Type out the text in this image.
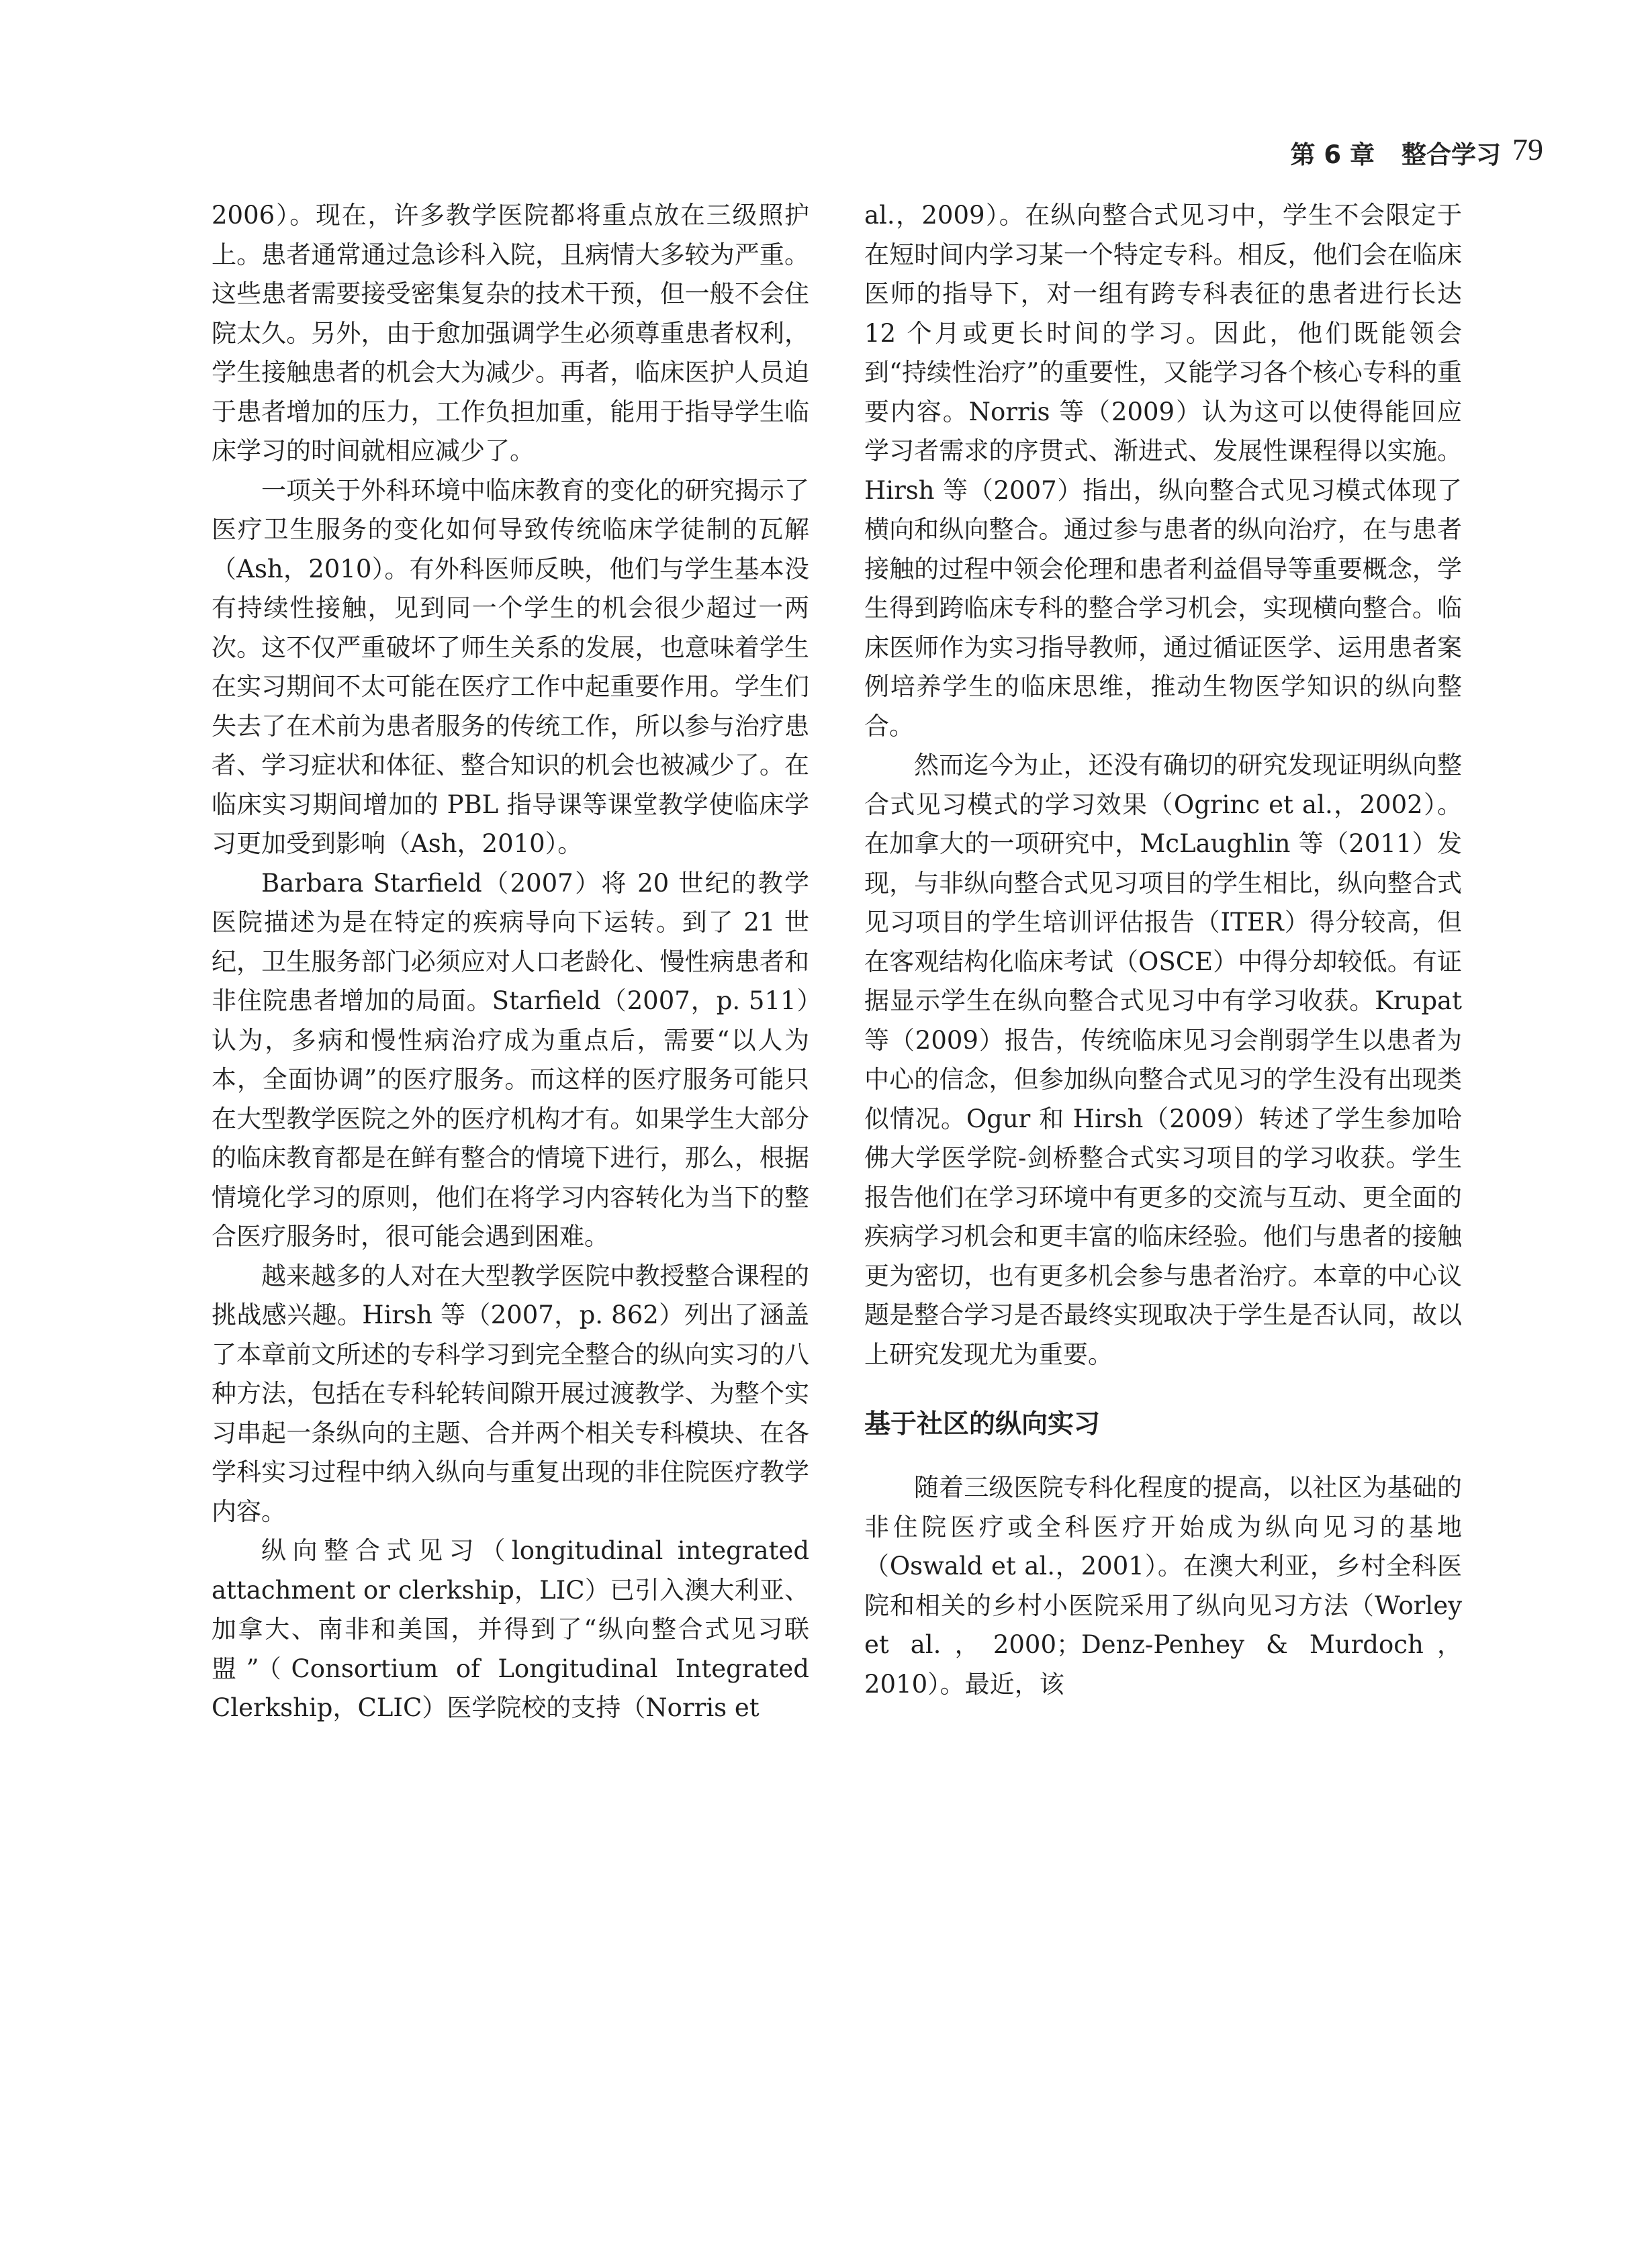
第 6 章 整合学习 79

2006）。现在，许多教学医院都将重点放在三级照护上。患者通常通过急诊科入院，且病情大多较为严重。这些患者需要接受密集复杂的技术干预，但一般不会住院太久。另外，由于愈加强调学生必须尊重患者权利，学生接触患者的机会大为减少。再者，临床医护人员迫于患者增加的压力，工作负担加重，能用于指导学生临床学习的时间就相应减少了。

一项关于外科环境中临床教育的变化的研究揭示了医疗卫生服务的变化如何导致传统临床学徒制的瓦解（Ash，2010）。有外科医师反映，他们与学生基本没有持续性接触，见到同一个学生的机会很少超过一两次。这不仅严重破坏了师生关系的发展，也意味着学生在实习期间不太可能在医疗工作中起重要作用。学生们失去了在术前为患者服务的传统工作，所以参与治疗患者、学习症状和体征、整合知识的机会也被减少了。在临床实习期间增加的 PBL 指导课等课堂教学使临床学习更加受到影响（Ash，2010）。

Barbara Starfield（2007）将 20 世纪的教学医院描述为是在特定的疾病导向下运转。到了 21 世纪，卫生服务部门必须应对人口老龄化、慢性病患者和非住院患者增加的局面。Starfield（2007，p. 511）认为，多病和慢性病治疗成为重点后，需要“以人为本，全面协调”的医疗服务。而这样的医疗服务可能只在大型教学医院之外的医疗机构才有。如果学生大部分的临床教育都是在鲜有整合的情境下进行，那么，根据情境化学习的原则，他们在将学习内容转化为当下的整合医疗服务时，很可能会遇到困难。

越来越多的人对在大型教学医院中教授整合课程的挑战感兴趣。Hirsh 等（2007，p. 862）列出了涵盖了本章前文所述的专科学习到完全整合的纵向实习的八种方法，包括在专科轮转间隙开展过渡教学、为整个实习串起一条纵向的主题、合并两个相关专科模块、在各学科实习过程中纳入纵向与重复出现的非住院医疗教学内容。

纵向整合式见习（longitudinal integrated attachment or clerkship，LIC）已引入澳大利亚、加拿大、南非和美国，并得到了“纵向整合式见习联盟”（Consortium of Longitudinal Integrated Clerkship，CLIC）医学院校的支持（Norris et

al.，2009）。在纵向整合式见习中，学生不会限定于在短时间内学习某一个特定专科。相反，他们会在临床医师的指导下，对一组有跨专科表征的患者进行长达 12 个月或更长时间的学习。因此，他们既能领会到“持续性治疗”的重要性，又能学习各个核心专科的重要内容。Norris 等（2009）认为这可以使得能回应学习者需求的序贯式、渐进式、发展性课程得以实施。Hirsh 等（2007）指出，纵向整合式见习模式体现了横向和纵向整合。通过参与患者的纵向治疗，在与患者接触的过程中领会伦理和患者利益倡导等重要概念，学生得到跨临床专科的整合学习机会，实现横向整合。临床医师作为实习指导教师，通过循证医学、运用患者案例培养学生的临床思维，推动生物医学知识的纵向整合。

然而迄今为止，还没有确切的研究发现证明纵向整合式见习模式的学习效果（Ogrinc et al.，2002）。在加拿大的一项研究中，McLaughlin 等（2011）发现，与非纵向整合式见习项目的学生相比，纵向整合式见习项目的学生培训评估报告（ITER）得分较高，但在客观结构化临床考试（OSCE）中得分却较低。有证据显示学生在纵向整合式见习中有学习收获。Krupat 等（2009）报告，传统临床见习会削弱学生以患者为中心的信念，但参加纵向整合式见习的学生没有出现类似情况。Ogur 和 Hirsh（2009）转述了学生参加哈佛大学医学院-剑桥整合式实习项目的学习收获。学生报告他们在学习环境中有更多的交流与互动、更全面的疾病学习机会和更丰富的临床经验。他们与患者的接触更为密切，也有更多机会参与患者治疗。本章的中心议题是整合学习是否最终实现取决于学生是否认同，故以上研究发现尤为重要。

基于社区的纵向实习

随着三级医院专科化程度的提高，以社区为基础的非住院医疗或全科医疗开始成为纵向见习的基地（Oswald et al.，2001）。在澳大利亚，乡村全科医院和相关的乡村小医院采用了纵向见习方法（Worley et al.，2000；Denz-Penhey & Murdoch，2010）。最近，该
